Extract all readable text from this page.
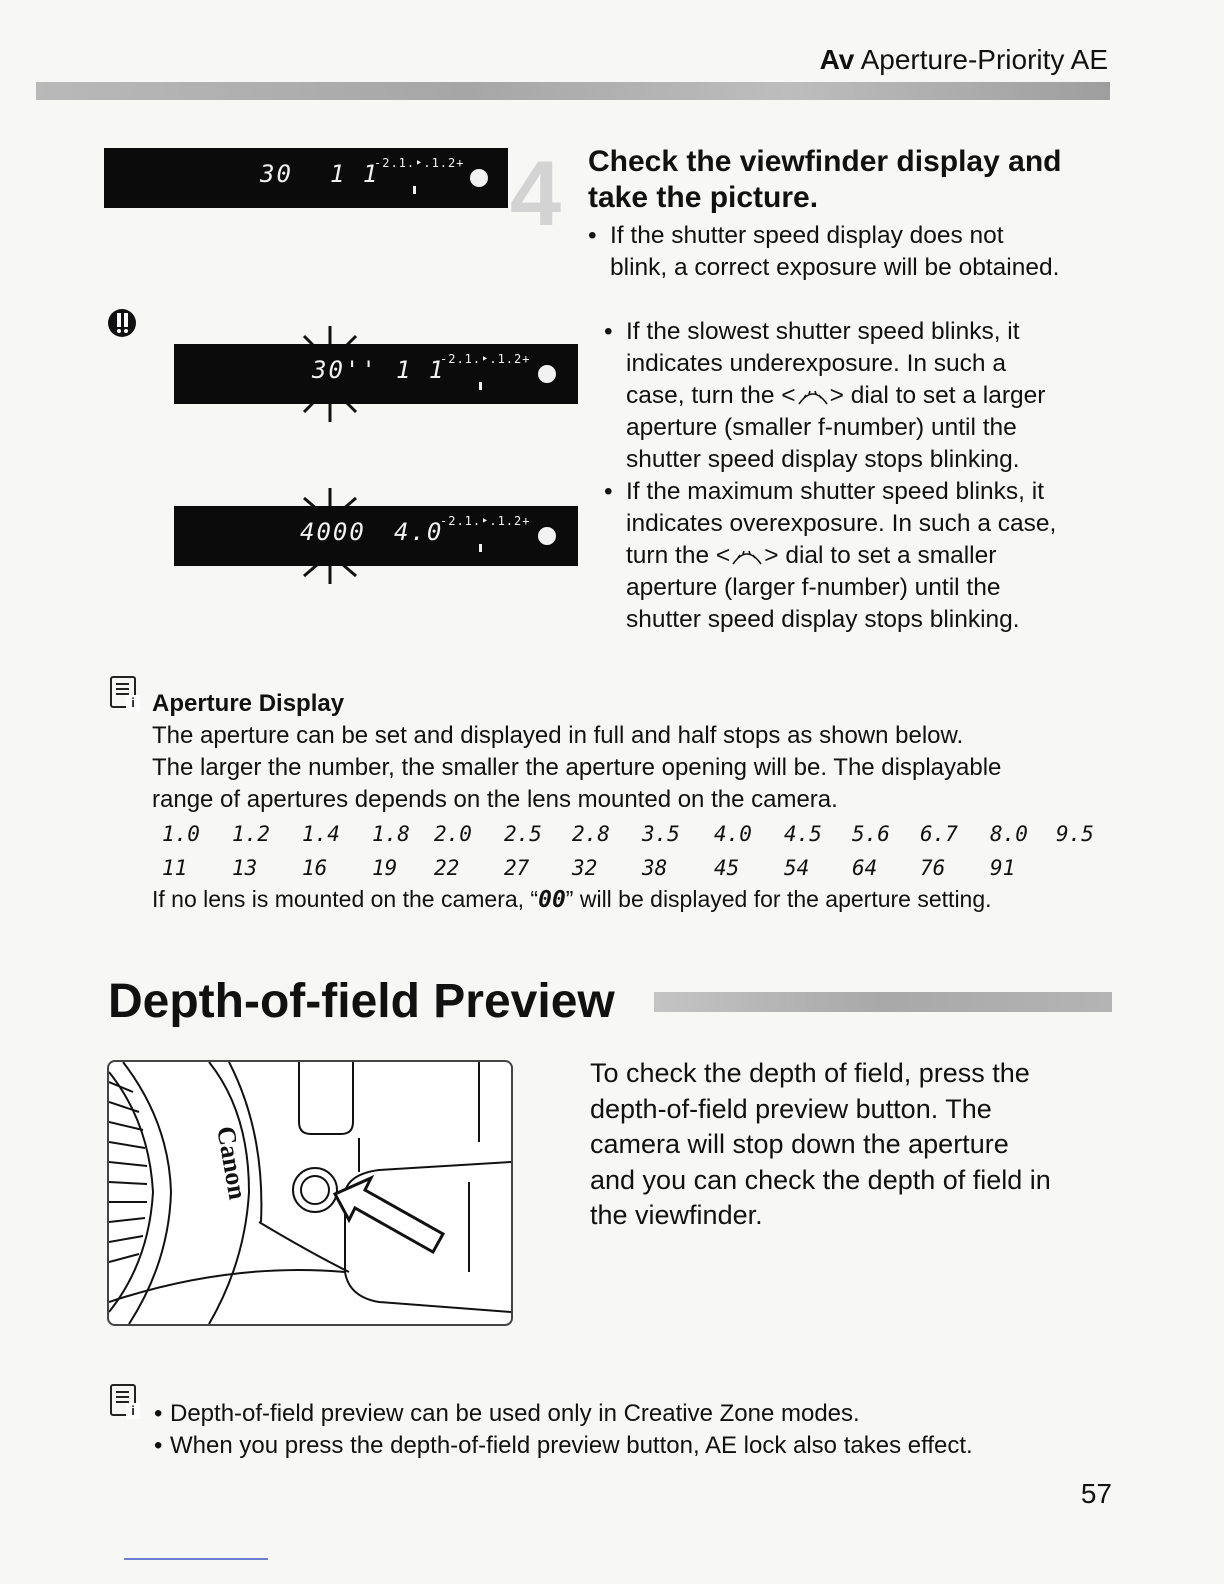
Av Aperture-Priority AE
30 1 1
-2.1.‣.1.2+ 4 Check the viewfinder display and
take the picture.
• If the shutter speed display does not
blink, a correct exposure will be obtained.
30'' 1 1
-2.1.‣.1.2+
4000 4.0
-2.1.‣.1.2+
• If the slowest shutter speed blinks, it
indicates underexposure. In such a
case, turn the < > dial to set a larger
aperture (smaller f-number) until the
shutter speed display stops blinking.
• If the maximum shutter speed blinks, it
indicates overexposure. In such a case,
turn the < > dial to set a smaller
aperture (larger f-number) until the
shutter speed display stops blinking.
i
Aperture Display
The aperture can be set and displayed in full and half stops as shown below.
The larger the number, the smaller the aperture opening will be. The displayable
range of apertures depends on the lens mounted on the camera.
1.0 1.2 1.4 1.8 2.0 2.5 2.8 3.5 4.0 4.5 5.6 6.7 8.0 9.5
11 13 16 19 22 27 32 38 45 54 64 76 91
If no lens is mounted on the camera, “00” will be displayed for the aperture setting.
Depth-of-field Preview
Canon
To check the depth of field, press the
depth-of-field preview button. The
camera will stop down the aperture
and you can check the depth of field in
the viewfinder.
i
• Depth-of-field preview can be used only in Creative Zone modes.
• When you press the depth-of-field preview button, AE lock also takes effect.
57
